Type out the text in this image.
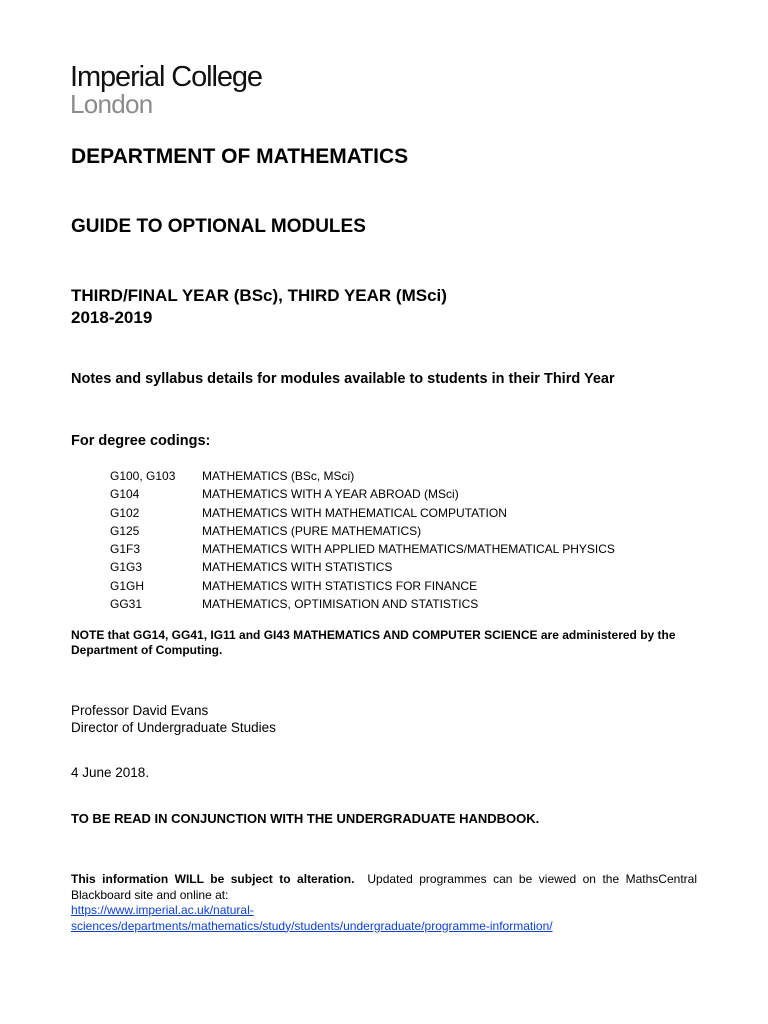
Imperial College
London
DEPARTMENT OF MATHEMATICS
GUIDE TO OPTIONAL MODULES
THIRD/FINAL YEAR (BSc), THIRD YEAR (MSci)
2018-2019
Notes and syllabus details for modules available to students in their Third Year
For degree codings:
G100, G103	MATHEMATICS (BSc, MSci)
G104	MATHEMATICS WITH A YEAR ABROAD (MSci)
G102	MATHEMATICS WITH MATHEMATICAL COMPUTATION
G125	MATHEMATICS (PURE MATHEMATICS)
G1F3	MATHEMATICS WITH APPLIED MATHEMATICS/MATHEMATICAL PHYSICS
G1G3	MATHEMATICS WITH STATISTICS
G1GH	MATHEMATICS WITH STATISTICS FOR FINANCE
GG31	MATHEMATICS, OPTIMISATION AND STATISTICS
NOTE that GG14, GG41, IG11 and GI43 MATHEMATICS AND COMPUTER SCIENCE are administered by the Department of Computing.
Professor David Evans
Director of Undergraduate Studies
4 June 2018.
TO BE READ IN CONJUNCTION WITH THE UNDERGRADUATE HANDBOOK.
This information WILL be subject to alteration. Updated programmes can be viewed on the MathsCentral Blackboard site and online at:
https://www.imperial.ac.uk/natural-
sciences/departments/mathematics/study/students/undergraduate/programme-information/
